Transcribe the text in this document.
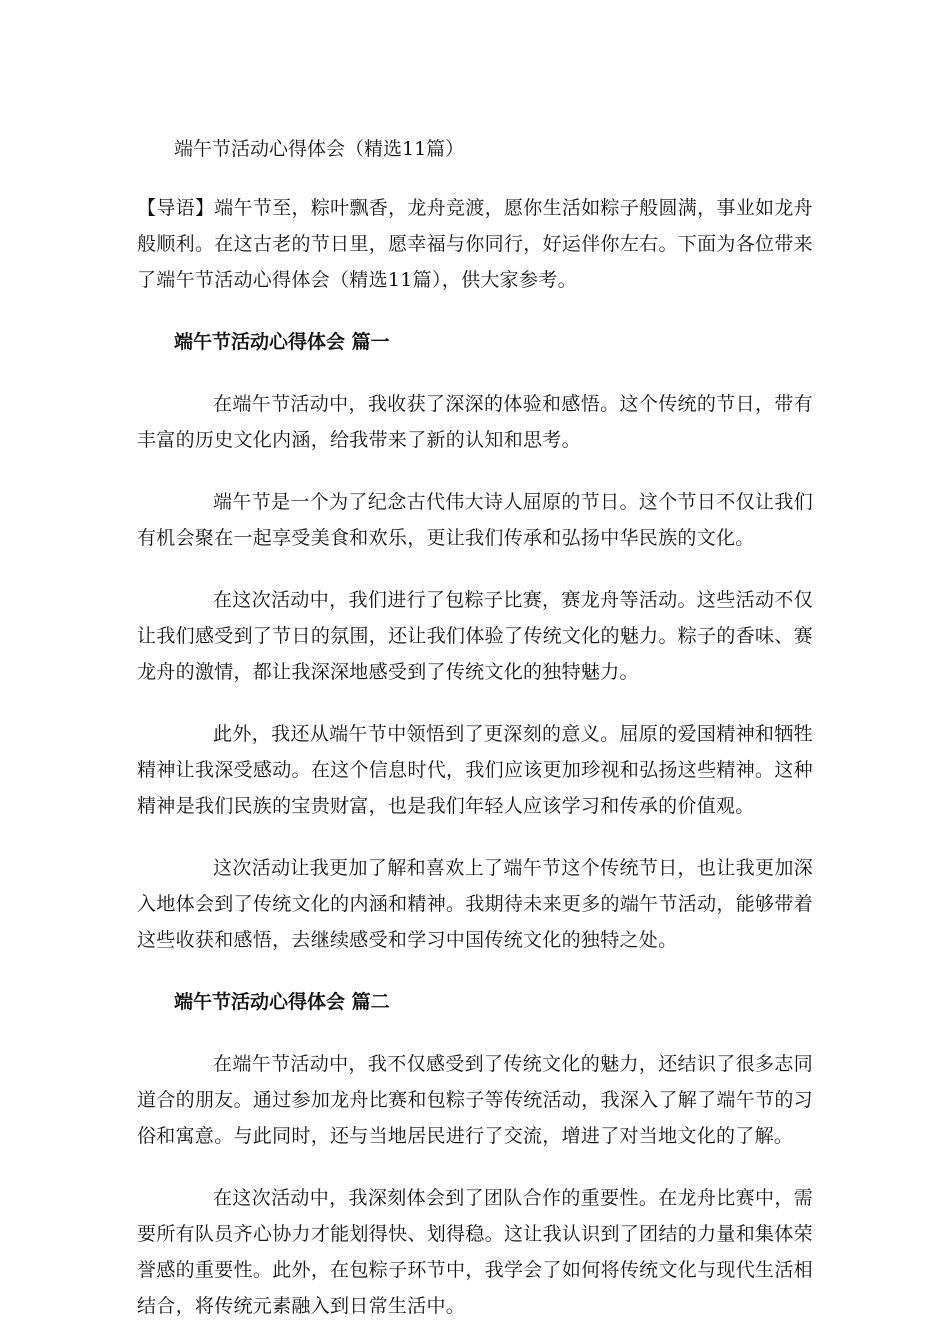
端午节活动心得体会（精选11篇）

【导语】端午节至，粽叶飘香，龙舟竞渡，愿你生活如粽子般圆满，事业如龙舟般顺利。在这古老的节日里，愿幸福与你同行，好运伴你左右。下面为各位带来了端午节活动心得体会（精选11篇），供大家参考。

端午节活动心得体会 篇一

在端午节活动中，我收获了深深的体验和感悟。这个传统的节日，带有丰富的历史文化内涵，给我带来了新的认知和思考。

端午节是一个为了纪念古代伟大诗人屈原的节日。这个节日不仅让我们有机会聚在一起享受美食和欢乐，更让我们传承和弘扬中华民族的文化。

在这次活动中，我们进行了包粽子比赛，赛龙舟等活动。这些活动不仅让我们感受到了节日的氛围，还让我们体验了传统文化的魅力。粽子的香味、赛龙舟的激情，都让我深深地感受到了传统文化的独特魅力。

此外，我还从端午节中领悟到了更深刻的意义。屈原的爱国精神和牺牲精神让我深受感动。在这个信息时代，我们应该更加珍视和弘扬这些精神。这种精神是我们民族的宝贵财富，也是我们年轻人应该学习和传承的价值观。

这次活动让我更加了解和喜欢上了端午节这个传统节日，也让我更加深入地体会到了传统文化的内涵和精神。我期待未来更多的端午节活动，能够带着这些收获和感悟，去继续感受和学习中国传统文化的独特之处。

端午节活动心得体会 篇二

在端午节活动中，我不仅感受到了传统文化的魅力，还结识了很多志同道合的朋友。通过参加龙舟比赛和包粽子等传统活动，我深入了解了端午节的习俗和寓意。与此同时，还与当地居民进行了交流，增进了对当地文化的了解。

在这次活动中，我深刻体会到了团队合作的重要性。在龙舟比赛中，需要所有队员齐心协力才能划得快、划得稳。这让我认识到了团结的力量和集体荣誉感的重要性。此外，在包粽子环节中，我学会了如何将传统文化与现代生活相结合，将传统元素融入到日常生活中。
